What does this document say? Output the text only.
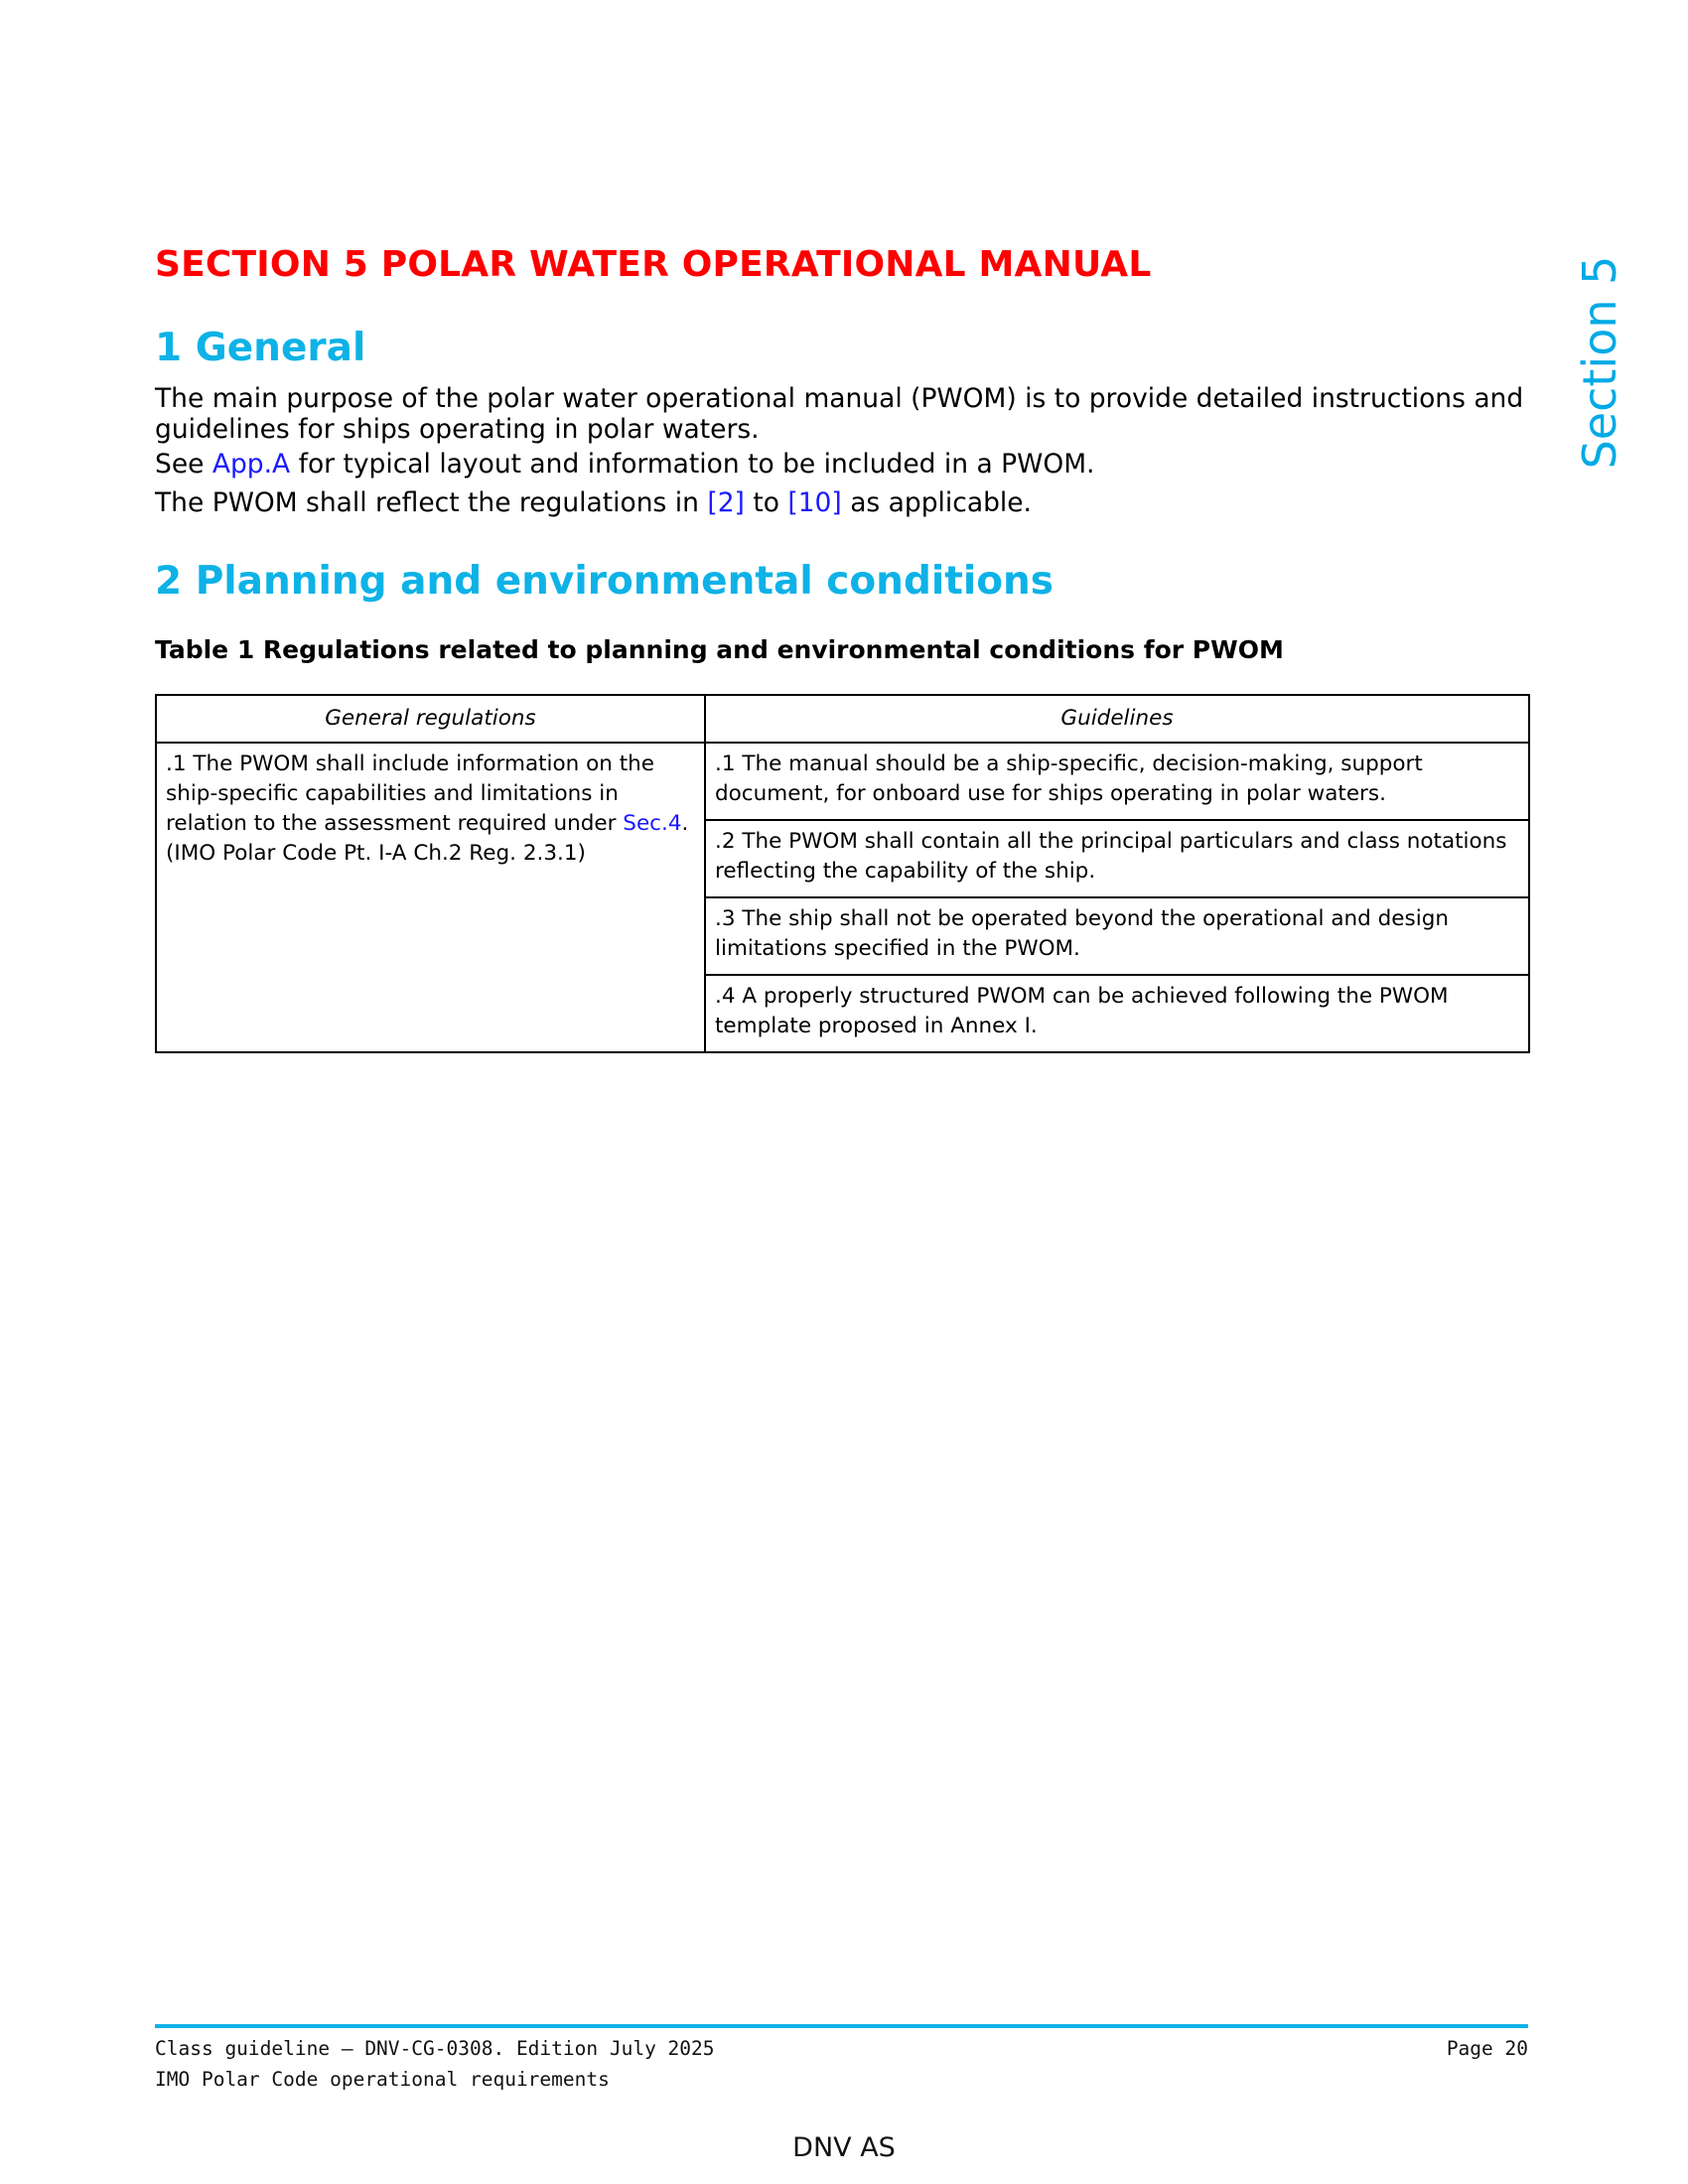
SECTION 5 POLAR WATER OPERATIONAL MANUAL	Section 5
1 General

The main purpose of the polar water operational manual (PWOM) is to provide detailed instructions and guidelines for ships operating in polar waters.

See App.A for typical layout and information to be included in a PWOM.

The PWOM shall reflect the regulations in [2] to [10] as applicable.

2 Planning and environmental conditions

Table 1 Regulations related to planning and environmental conditions for PWOM

General regulations	Guidelines
.1 The PWOM shall include information on the ship-specific capabilities and limitations in relation to the assessment required under Sec.4.
(IMO Polar Code Pt. I-A Ch.2 Reg. 2.3.1)	.1 The manual should be a ship-specific, decision-making, support document, for onboard use for ships operating in polar waters.
	.2 The PWOM shall contain all the principal particulars and class notations reflecting the capability of the ship.
	.3 The ship shall not be operated beyond the operational and design limitations specified in the PWOM.
	.4 A properly structured PWOM can be achieved following the PWOM template proposed in Annex I.
Class guideline — DNV-CG-0308. Edition July 2025
IMO Polar Code operational requirements
Page 20
DNV AS
